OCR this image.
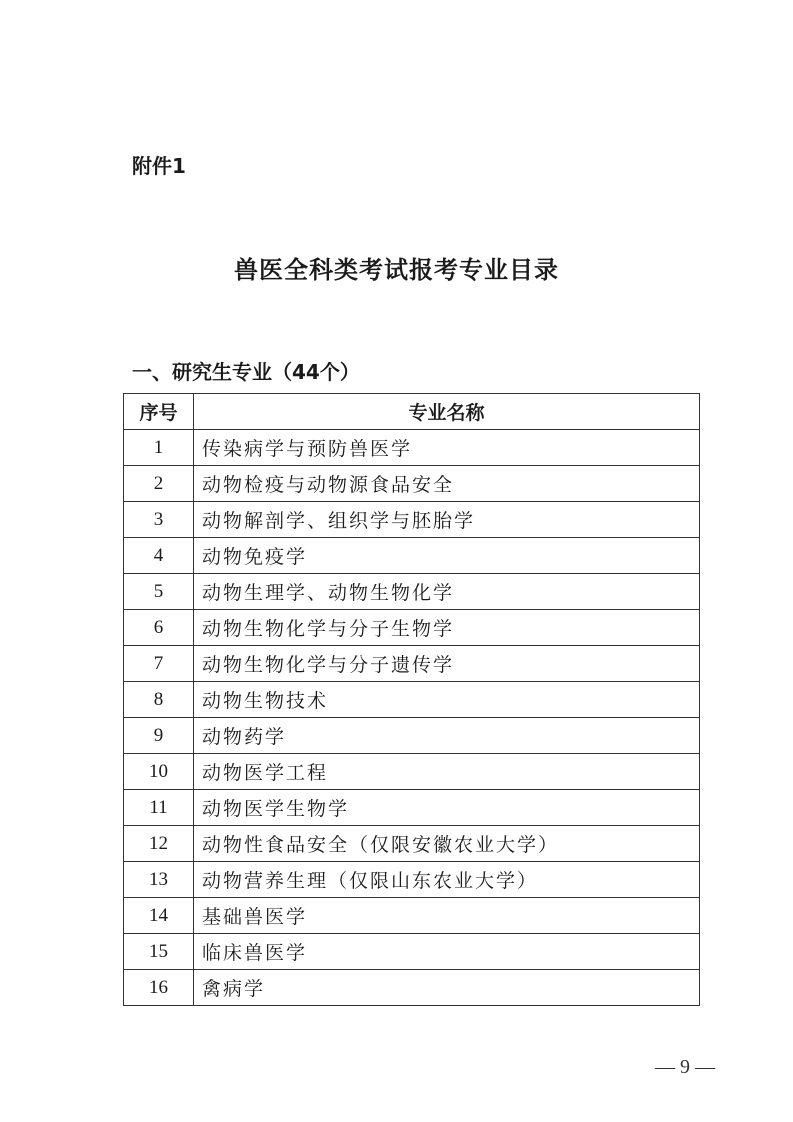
附件1
兽医全科类考试报考专业目录
一、研究生专业（44个）
序号	专业名称
1	传染病学与预防兽医学
2	动物检疫与动物源食品安全
3	动物解剖学、组织学与胚胎学
4	动物免疫学
5	动物生理学、动物生物化学
6	动物生物化学与分子生物学
7	动物生物化学与分子遗传学
8	动物生物技术
9	动物药学
10	动物医学工程
11	动物医学生物学
12	动物性食品安全（仅限安徽农业大学）
13	动物营养生理（仅限山东农业大学）
14	基础兽医学
15	临床兽医学
16	禽病学
— 9 —
